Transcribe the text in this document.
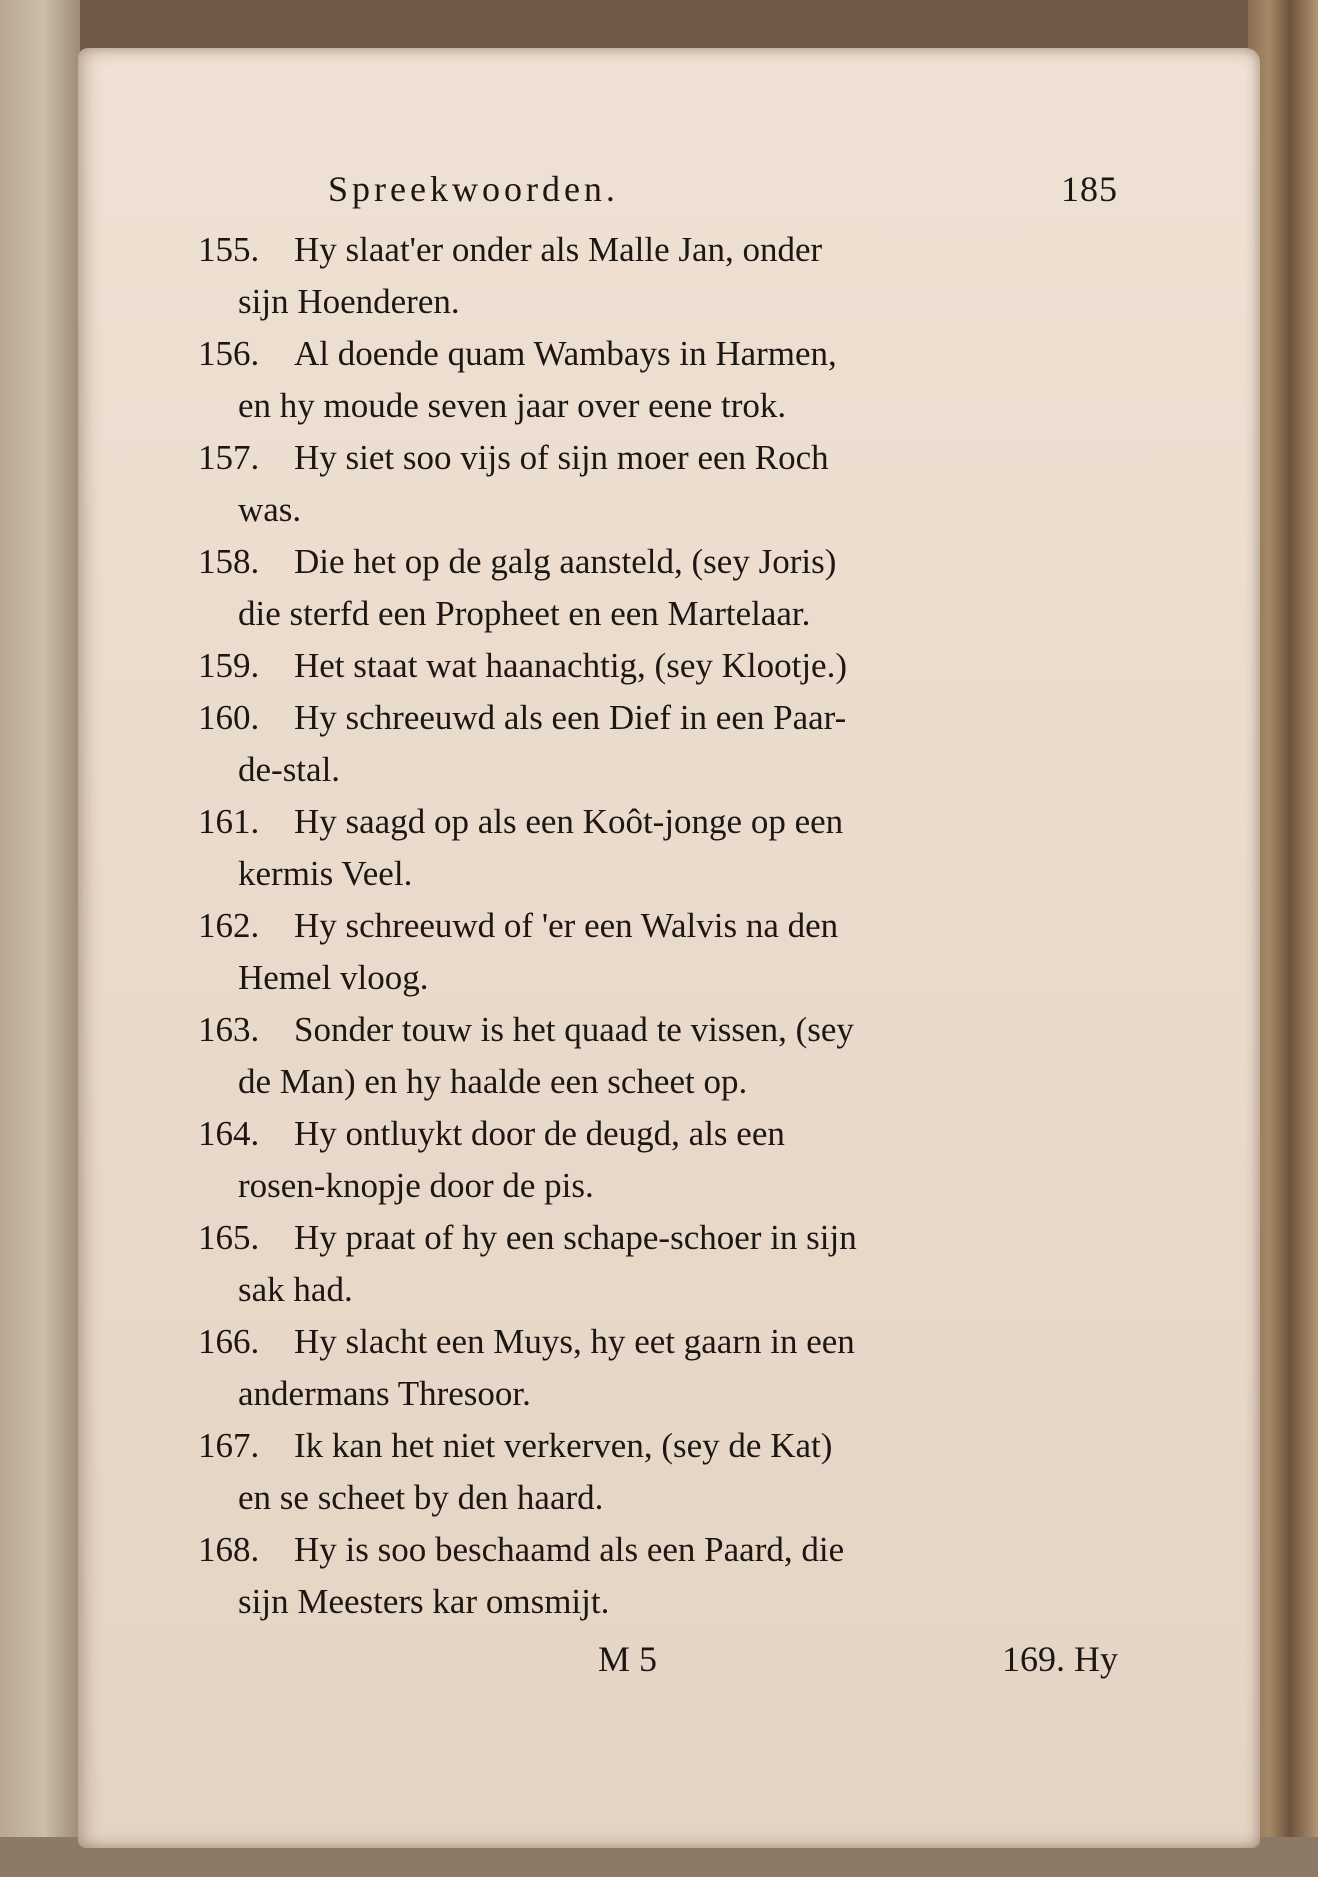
Spreekwoorden.	185
155. Hy slaat'er onder als Malle Jan, onder
sijn Hoenderen.
156. Al doende quam Wambays in Harmen,
en hy moude seven jaar over eene trok.
157. Hy siet soo vijs of sijn moer een Roch
was.
158. Die het op de galg aansteld, (sey Joris)
die sterfd een Propheet en een Martelaar.
159. Het staat wat haanachtig, (sey Klootje.)
160. Hy schreeuwd als een Dief in een Paar-
de-stal.
161. Hy saagd op als een Koôt-jonge op een
kermis Veel.
162. Hy schreeuwd of 'er een Walvis na den
Hemel vloog.
163. Sonder touw is het quaad te vissen, (sey
de Man) en hy haalde een scheet op.
164. Hy ontluykt door de deugd, als een
rosen-knopje door de pis.
165. Hy praat of hy een schape-schoer in sijn
sak had.
166. Hy slacht een Muys, hy eet gaarn in een
andermans Thresoor.
167. Ik kan het niet verkerven, (sey de Kat)
en se scheet by den haard.
168. Hy is soo beschaamd als een Paard, die
sijn Meesters kar omsmijt.
M 5	169. Hy
